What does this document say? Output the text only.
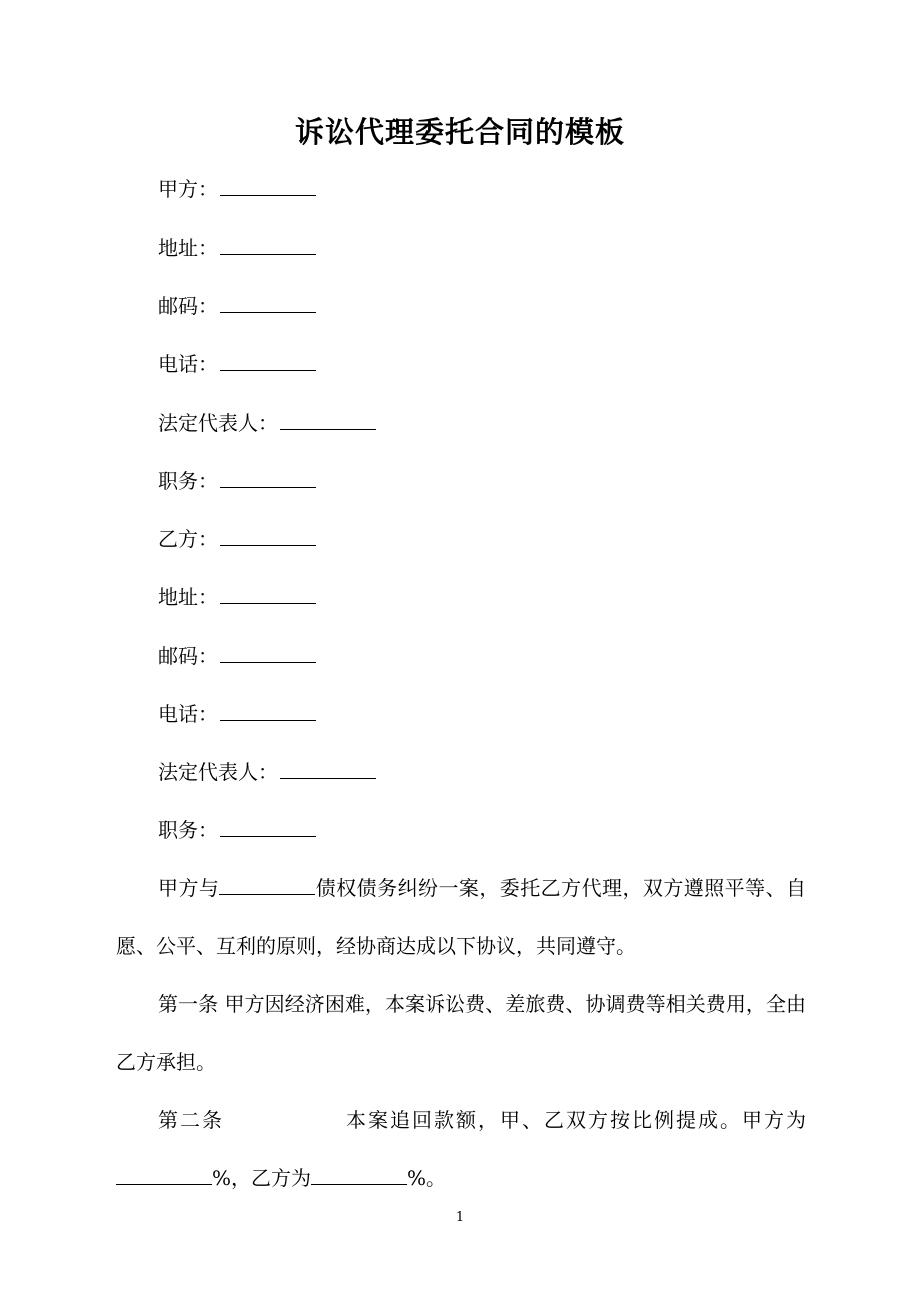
诉讼代理委托合同的模板
甲方：
地址：
邮码：
电话：
法定代表人：
职务：
乙方：
地址：
邮码：
电话：
法定代表人：
职务：
甲方与	债权债务纠纷一案，委托乙方代理，双方遵照平等、自愿、公平、互利的原则，经协商达成以下协议，共同遵守。
第一条 甲方因经济困难，本案诉讼费、差旅费、协调费等相关费用，全由乙方承担。
第二条	本案追回款额，甲、乙双方按比例提成。甲方为%，乙方为	%。
1
